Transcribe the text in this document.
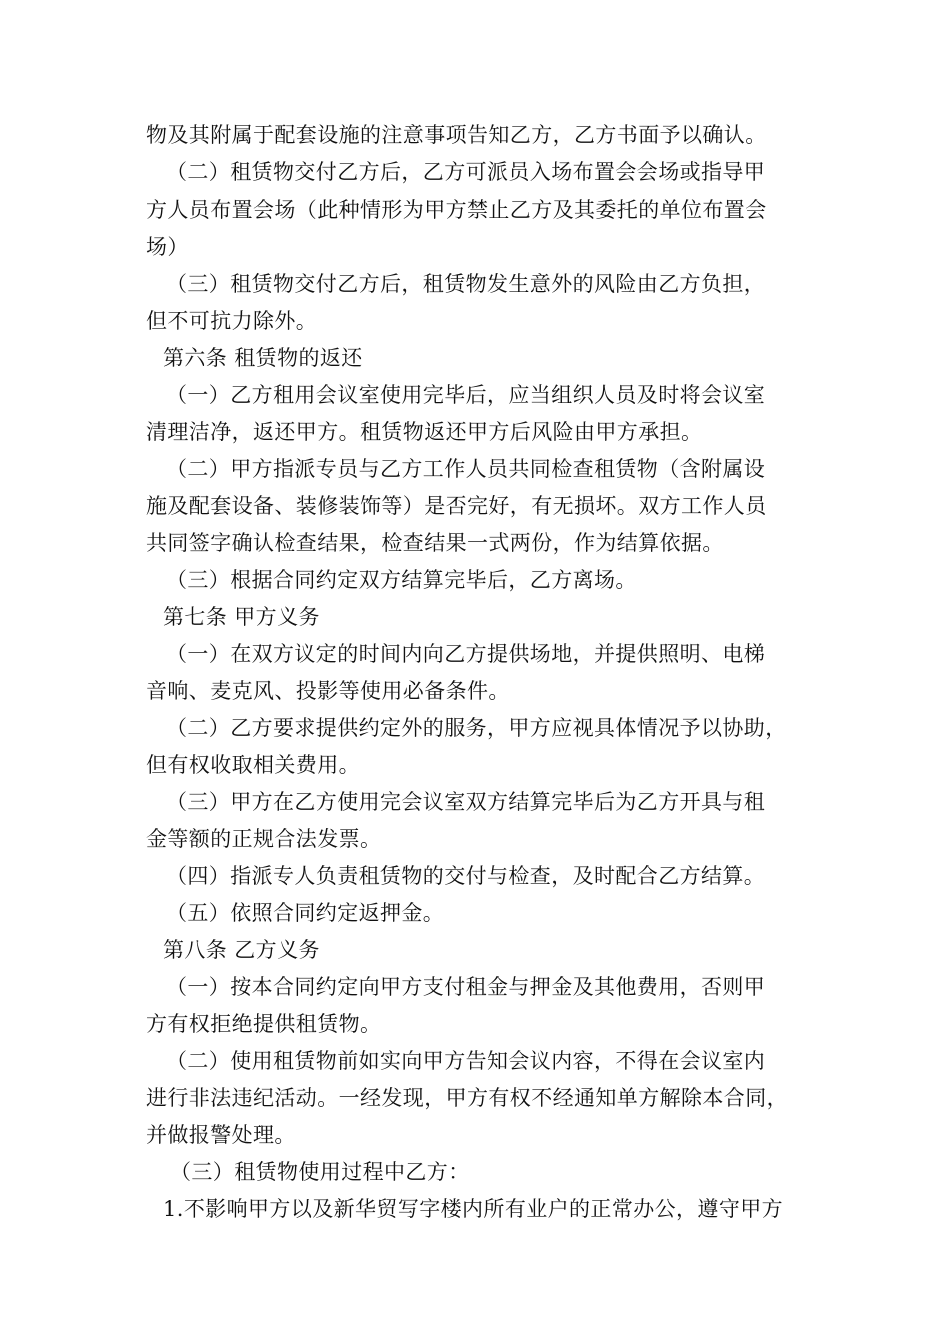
物及其附属于配套设施的注意事项告知乙方，乙方书面予以确认。
（二）租赁物交付乙方后，乙方可派员入场布置会会场或指导甲
方人员布置会场（此种情形为甲方禁止乙方及其委托的单位布置会
场）
（三）租赁物交付乙方后，租赁物发生意外的风险由乙方负担，
但不可抗力除外。
第六条 租赁物的返还
（一）乙方租用会议室使用完毕后，应当组织人员及时将会议室
清理洁净，返还甲方。租赁物返还甲方后风险由甲方承担。
（二）甲方指派专员与乙方工作人员共同检查租赁物（含附属设
施及配套设备、装修装饰等）是否完好，有无损坏。双方工作人员
共同签字确认检查结果，检查结果一式两份，作为结算依据。
（三）根据合同约定双方结算完毕后，乙方离场。
第七条 甲方义务
（一）在双方议定的时间内向乙方提供场地，并提供照明、电梯
音响、麦克风、投影等使用必备条件。
（二）乙方要求提供约定外的服务，甲方应视具体情况予以协助，
但有权收取相关费用。
（三）甲方在乙方使用完会议室双方结算完毕后为乙方开具与租
金等额的正规合法发票。
（四）指派专人负责租赁物的交付与检查，及时配合乙方结算。
（五）依照合同约定返押金。
第八条 乙方义务
（一）按本合同约定向甲方支付租金与押金及其他费用，否则甲
方有权拒绝提供租赁物。
（二）使用租赁物前如实向甲方告知会议内容，不得在会议室内
进行非法违纪活动。一经发现，甲方有权不经通知单方解除本合同，
并做报警处理。
（三）租赁物使用过程中乙方：
1.不影响甲方以及新华贸写字楼内所有业户的正常办公，遵守甲方
